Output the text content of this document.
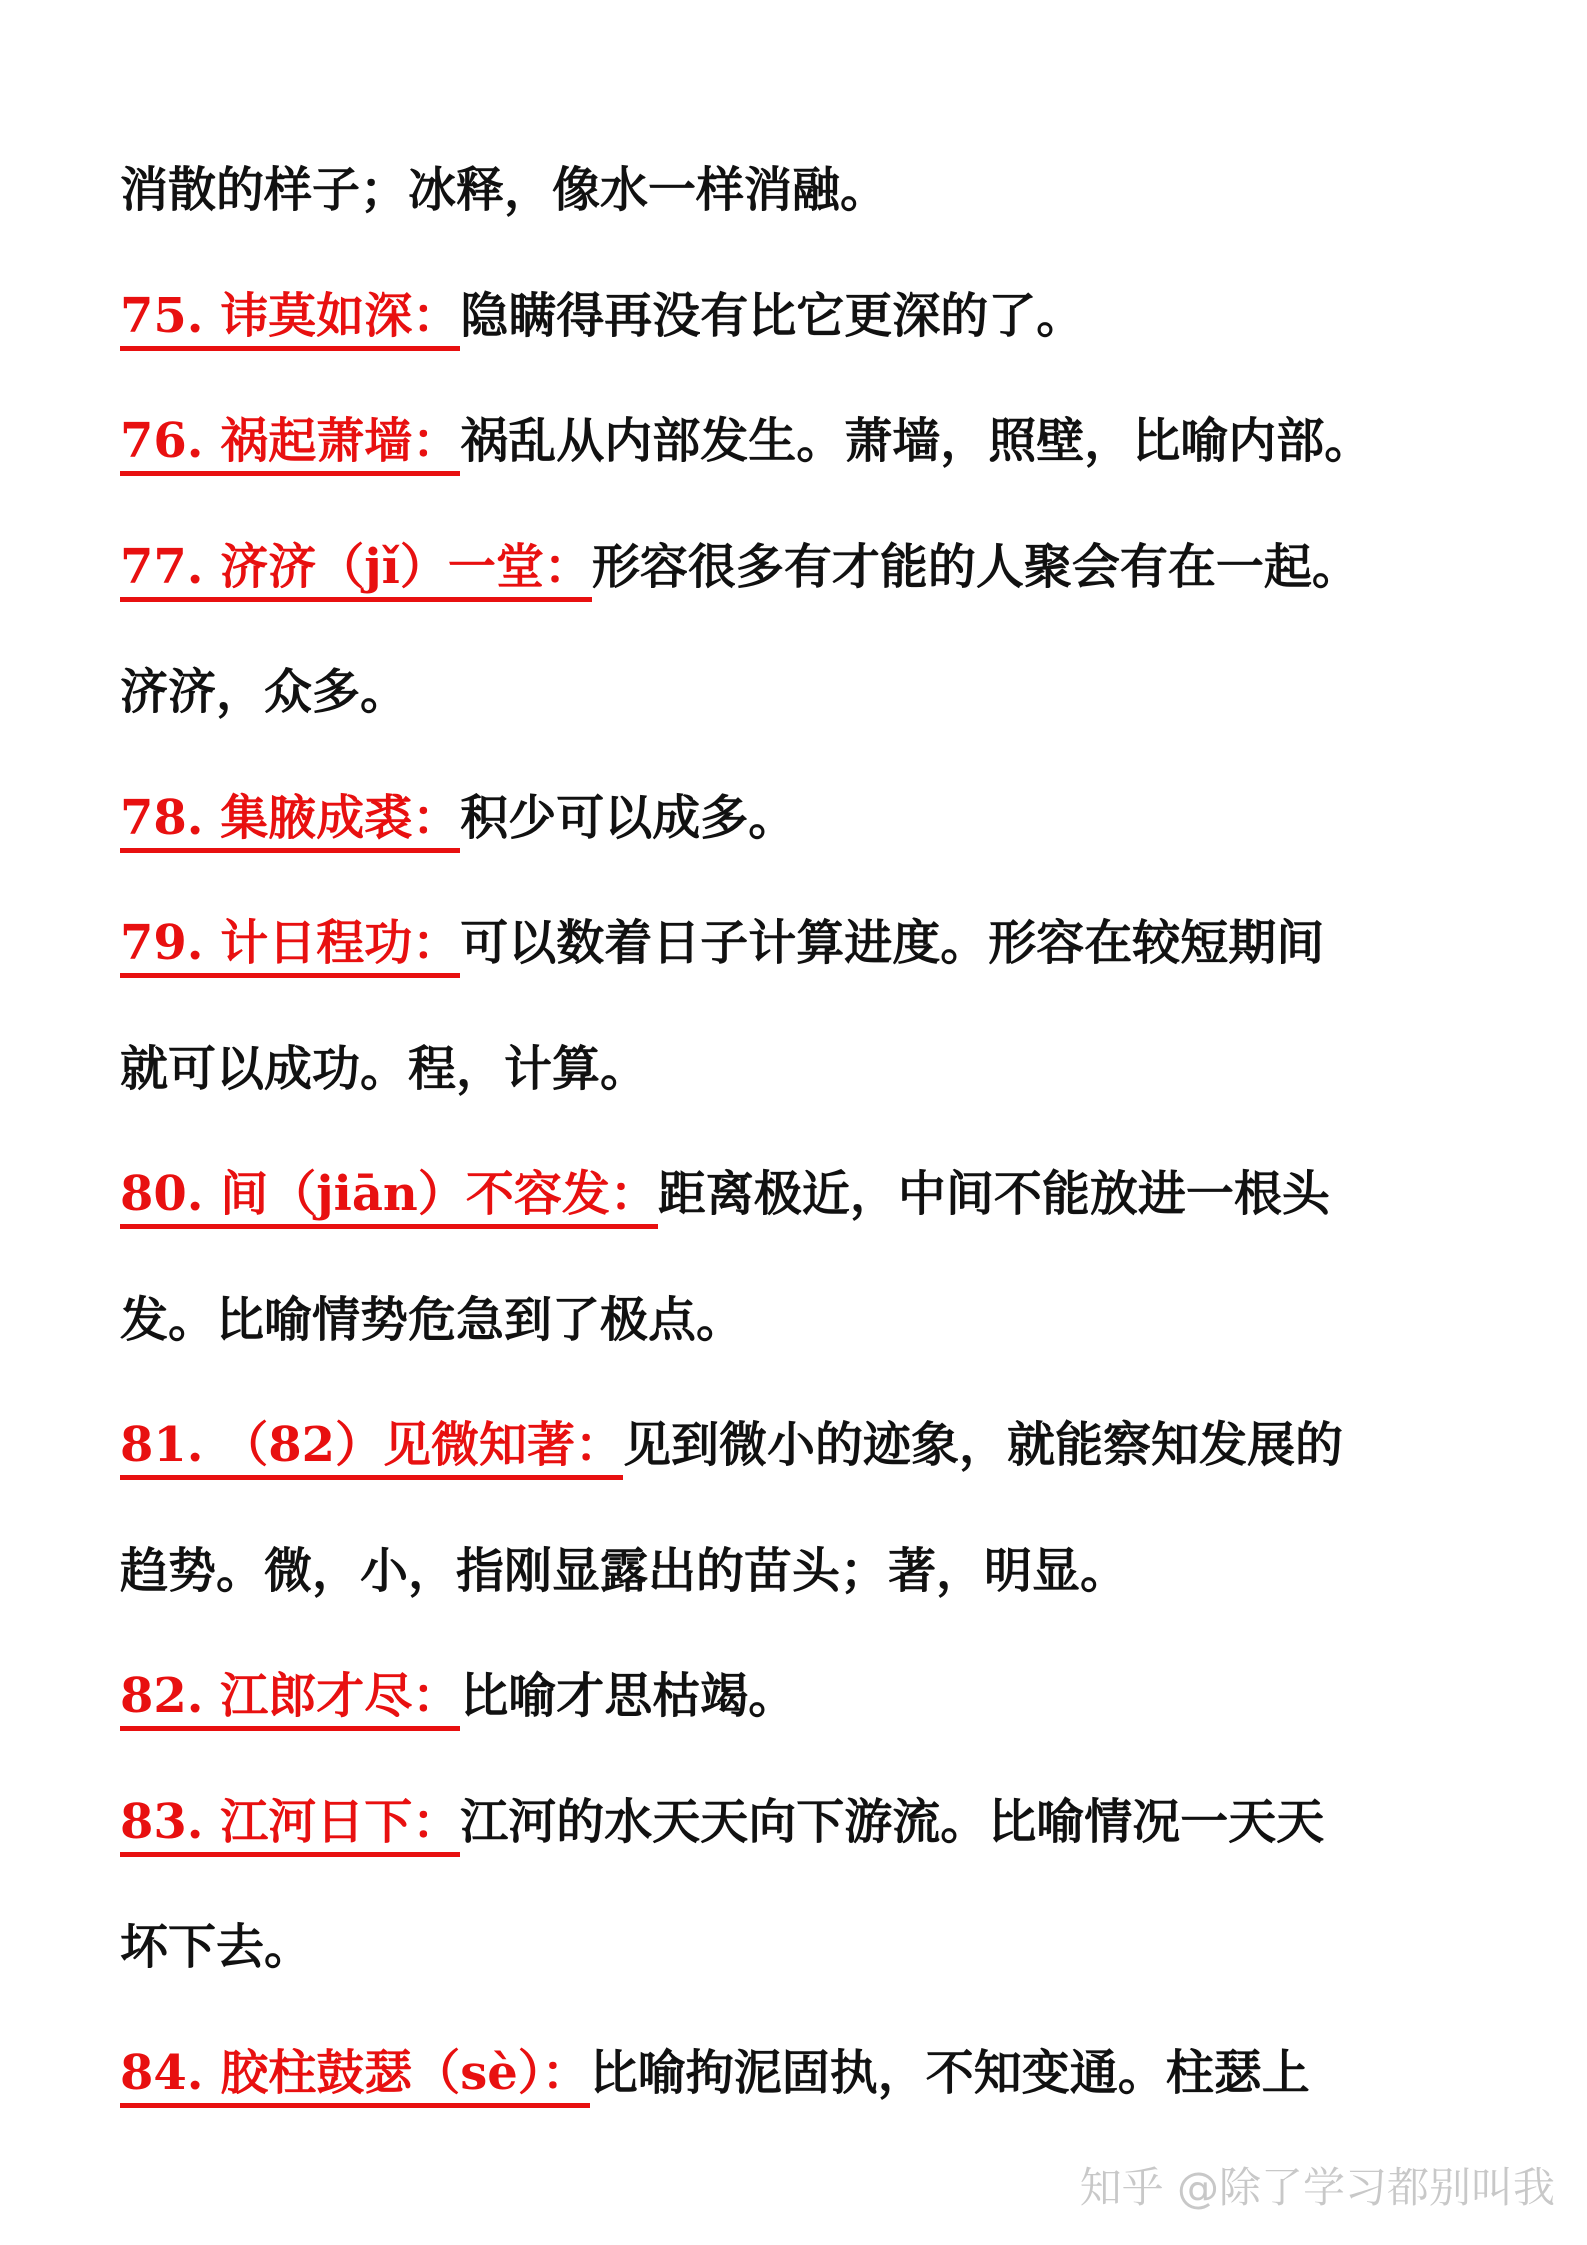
消散的样子；冰释，像水一样消融。
75. 讳莫如深：隐瞒得再没有比它更深的了。
76. 祸起萧墙：祸乱从内部发生。萧墙，照壁，比喻内部。
77. 济济（jǐ）一堂：形容很多有才能的人聚会有在一起。
济济，众多。
78. 集腋成裘：积少可以成多。
79. 计日程功：可以数着日子计算进度。形容在较短期间
就可以成功。程，计算。
80. 间（jiān）不容发：距离极近，中间不能放进一根头
发。比喻情势危急到了极点。
81. （82）见微知著：见到微小的迹象，就能察知发展的
趋势。微，小，指刚显露出的苗头；著，明显。
82. 江郎才尽：比喻才思枯竭。
83. 江河日下：江河的水天天向下游流。比喻情况一天天
坏下去。
84. 胶柱鼓瑟（sè）：比喻拘泥固执，不知变通。柱瑟上
知乎 @除了学习都别叫我
